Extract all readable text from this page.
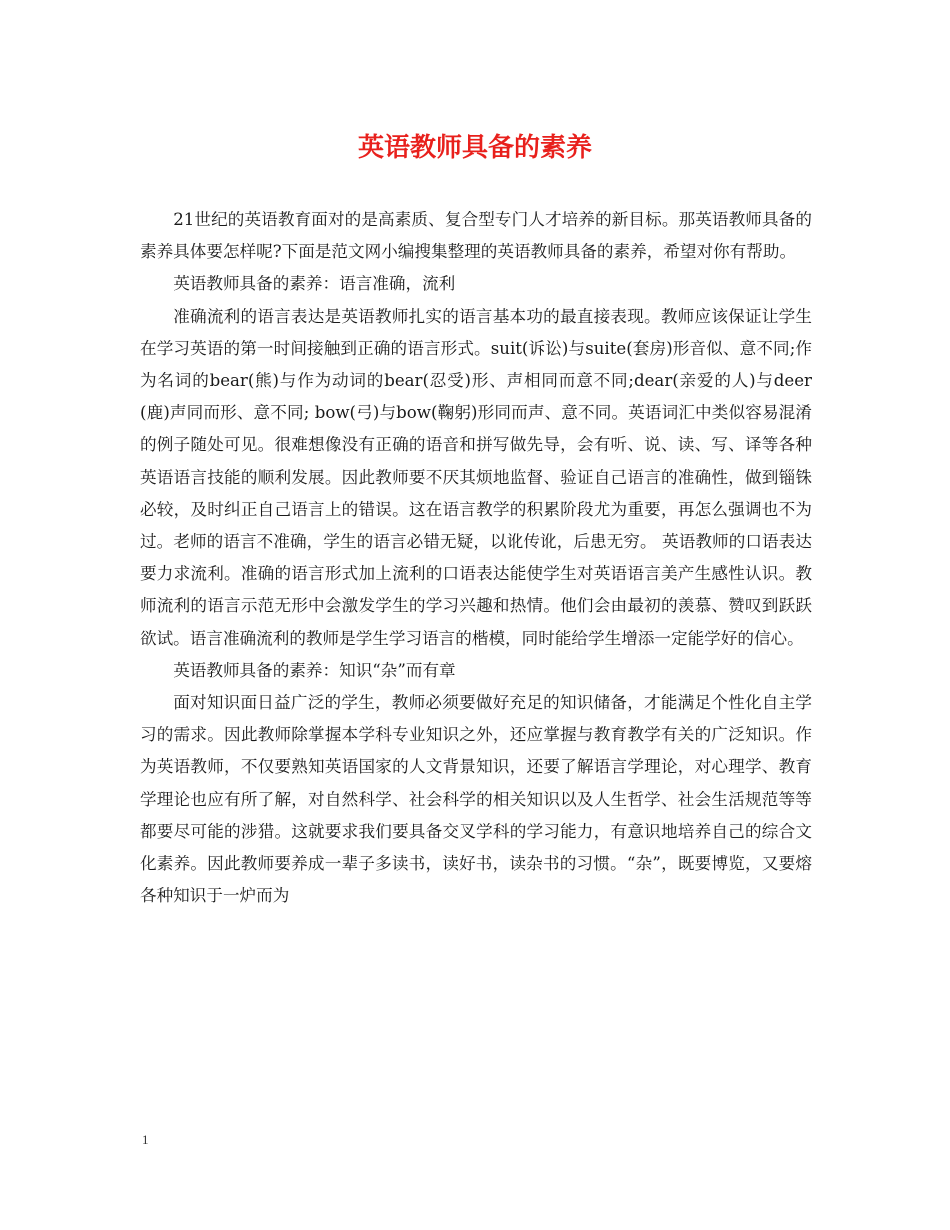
英语教师具备的素养

21世纪的英语教育面对的是高素质、复合型专门人才培养的新目标。那英语教师具备的素养具体要怎样呢?下面是范文网小编搜集整理的英语教师具备的素养，希望对你有帮助。

英语教师具备的素养：语言准确，流利

准确流利的语言表达是英语教师扎实的语言基本功的最直接表现。教师应该保证让学生在学习英语的第一时间接触到正确的语言形式。suit(诉讼)与suite(套房)形音似、意不同;作为名词的bear(熊)与作为动词的bear(忍受)形、声相同而意不同;dear(亲爱的人)与deer(鹿)声同而形、意不同; bow(弓)与bow(鞠躬)形同而声、意不同。英语词汇中类似容易混淆的例子随处可见。很难想像没有正确的语音和拼写做先导，会有听、说、读、写、译等各种英语语言技能的顺利发展。因此教师要不厌其烦地监督、验证自己语言的准确性，做到锱铢必较，及时纠正自己语言上的错误。这在语言教学的积累阶段尤为重要，再怎么强调也不为过。老师的语言不准确，学生的语言必错无疑，以讹传讹，后患无穷。 英语教师的口语表达要力求流利。准确的语言形式加上流利的口语表达能使学生对英语语言美产生感性认识。教师流利的语言示范无形中会激发学生的学习兴趣和热情。他们会由最初的羡慕、赞叹到跃跃欲试。语言准确流利的教师是学生学习语言的楷模，同时能给学生增添一定能学好的信心。

英语教师具备的素养：知识“杂”而有章

面对知识面日益广泛的学生，教师必须要做好充足的知识储备，才能满足个性化自主学习的需求。因此教师除掌握本学科专业知识之外，还应掌握与教育教学有关的广泛知识。作为英语教师，不仅要熟知英语国家的人文背景知识，还要了解语言学理论，对心理学、教育学理论也应有所了解，对自然科学、社会科学的相关知识以及人生哲学、社会生活规范等等都要尽可能的涉猎。这就要求我们要具备交叉学科的学习能力，有意识地培养自己的综合文化素养。因此教师要养成一辈子多读书，读好书，读杂书的习惯。“杂”，既要博览，又要熔各种知识于一炉而为

1
